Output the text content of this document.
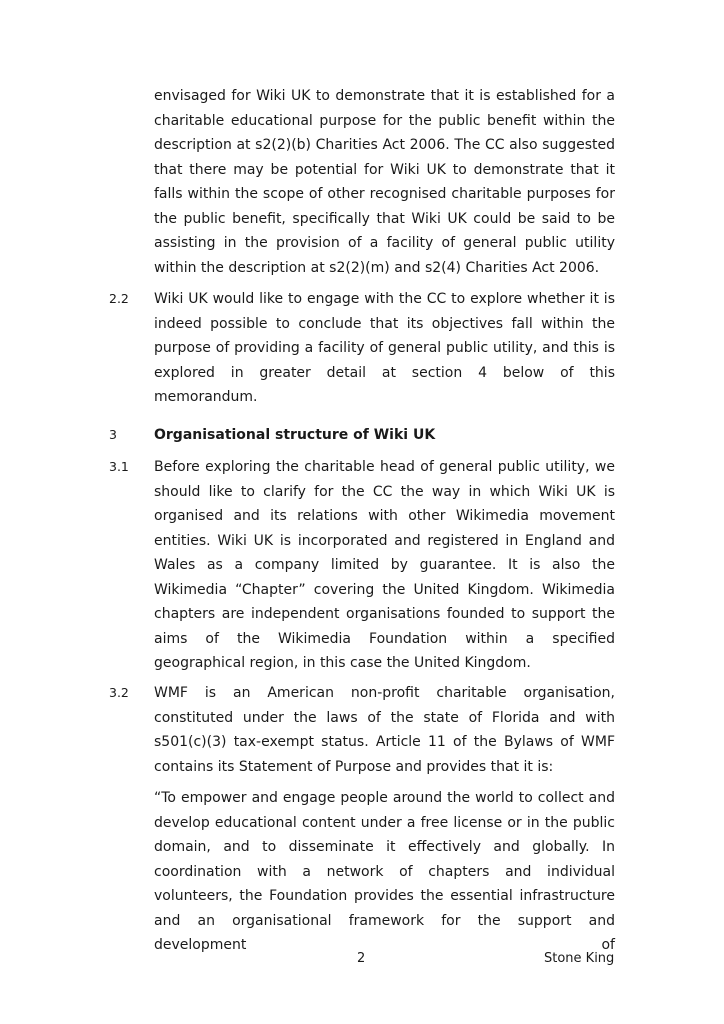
envisaged for Wiki UK to demonstrate that it is established for a charitable educational purpose for the public benefit within the description at s2(2)(b) Charities Act 2006. The CC also suggested that there may be potential for Wiki UK to demonstrate that it falls within the scope of other recognised charitable purposes for the public benefit, specifically that Wiki UK could be said to be assisting in the provision of a facility of general public utility within the description at s2(2)(m) and s2(4) Charities Act 2006.

2.2 Wiki UK would like to engage with the CC to explore whether it is indeed possible to conclude that its objectives fall within the purpose of providing a facility of general public utility, and this is explored in greater detail at section 4 below of this memorandum.

3	Organisational structure of Wiki UK

3.1 Before exploring the charitable head of general public utility, we should like to clarify for the CC the way in which Wiki UK is organised and its relations with other Wikimedia movement entities. Wiki UK is incorporated and registered in England and Wales as a company limited by guarantee. It is also the Wikimedia “Chapter” covering the United Kingdom. Wikimedia chapters are independent organisations founded to support the aims of the Wikimedia Foundation within a specified geographical region, in this case the United Kingdom.

3.2 WMF is an American non-profit charitable organisation, constituted under the laws of the state of Florida and with s501(c)(3) tax-exempt status. Article 11 of the Bylaws of WMF contains its Statement of Purpose and provides that it is:

“To empower and engage people around the world to collect and develop educational content under a free license or in the public domain, and to disseminate it effectively and globally. In coordination with a network of chapters and individual volunteers, the Foundation provides the essential infrastructure and an organisational framework for the support and development of

2	Stone King
